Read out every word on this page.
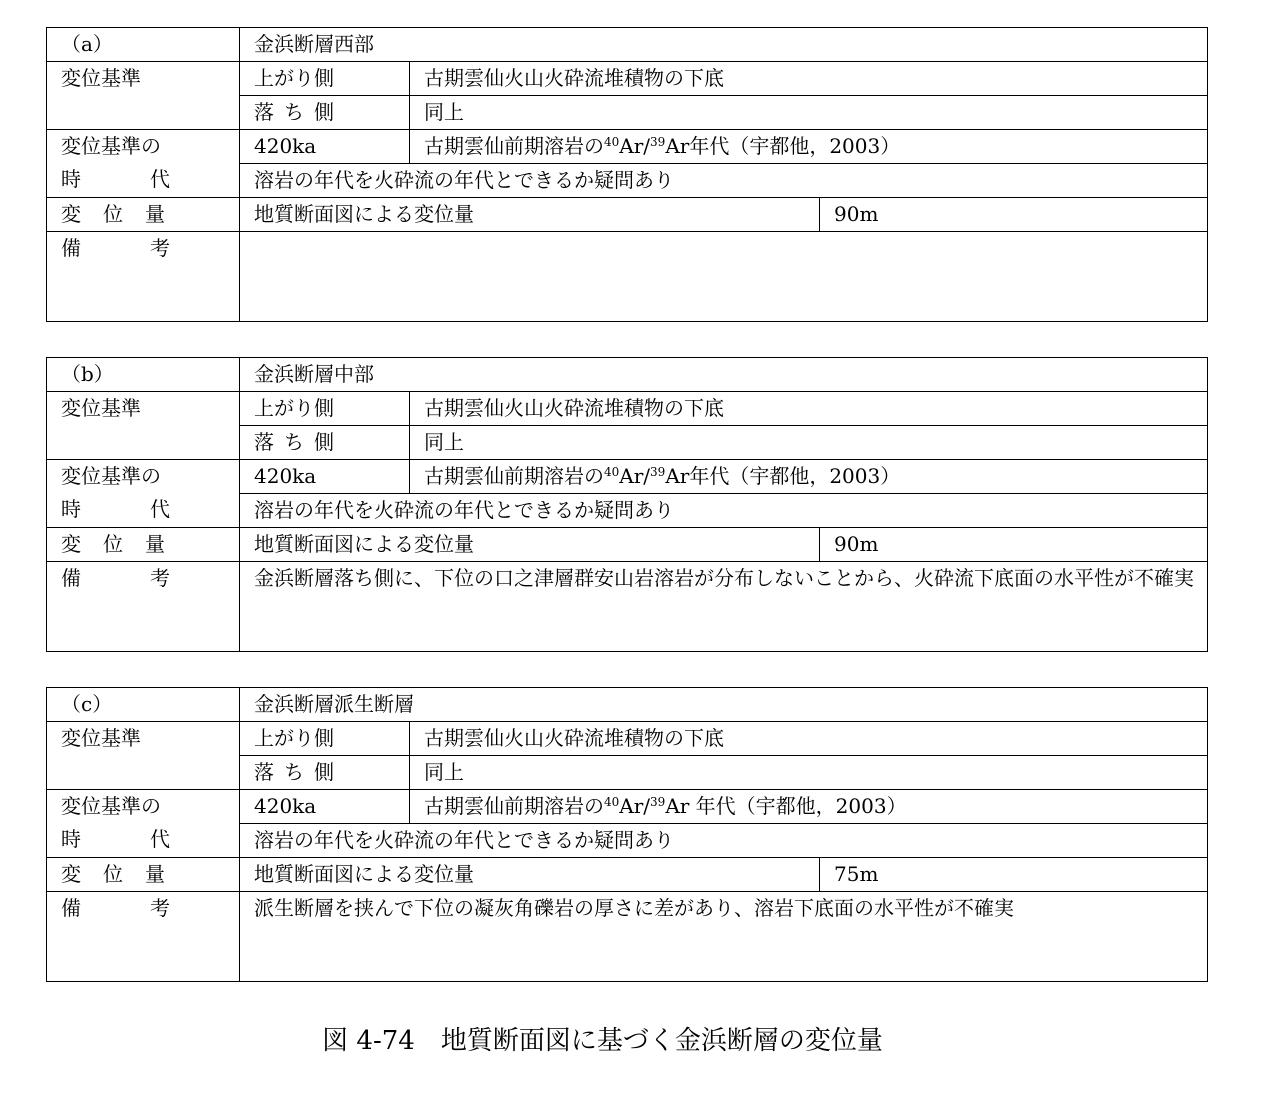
（a）	金浜断層西部		
変位基準	上がり側	古期雲仙火山火砕流堆積物の下底	
	落ち側	同上	

変位基準の
時 代	420ka	古期雲仙前期溶岩の$^{40}$Ar/$^{39}$Ar年代（宇都他，2003）	
	溶岩の年代を火砕流の年代とできるか疑問あり		
変位量	地質断面図による変位量		90m

備 考			

（b）	金浜断層中部		
変位基準	上がり側	古期雲仙火山火砕流堆積物の下底	
	落ち側	同上	

変位基準の
時 代	420ka	古期雲仙前期溶岩の$^{40}$Ar/$^{39}$Ar年代（宇都他，2003）	
	溶岩の年代を火砕流の年代とできるか疑問あり		
変位量	地質断面図による変位量		90m

備 考	金浜断層落ち側に、下位の口之津層群安山岩溶岩が分布しないことから、火砕流下底面の水平性が不確実		
（c）	金浜断層派生断層		
変位基準	上がり側	古期雲仙火山火砕流堆積物の下底	
	落ち側	同上	

変位基準の
時 代	420ka	古期雲仙前期溶岩の$^{40}$Ar/$^{39}$Ar 年代（宇都他，2003）	
	溶岩の年代を火砕流の年代とできるか疑問あり		
変位量	地質断面図による変位量		75m

備 考	派生断層を挟んで下位の凝灰角礫岩の厚さに差があり、溶岩下底面の水平性が不確実		
図 4-74　地質断面図に基づく金浜断層の変位量
